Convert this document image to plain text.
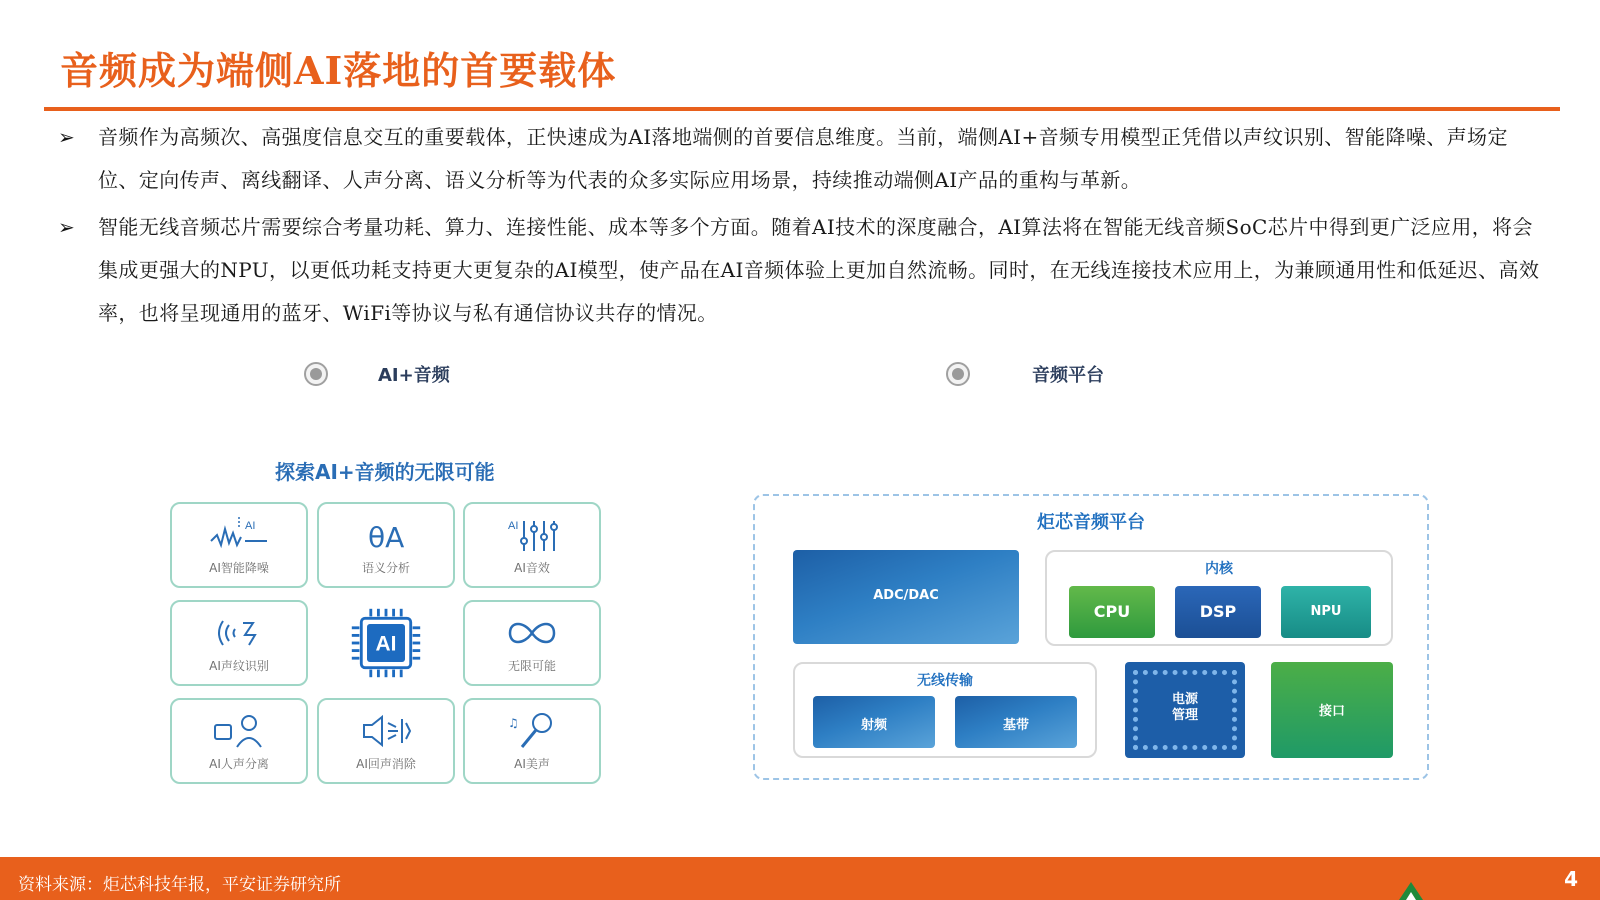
音频成为端侧AI落地的首要载体
➢	音频作为高频次、高强度信息交互的重要载体，正快速成为AI落地端侧的首要信息维度。当前，端侧AI+音频专用模型正凭借以声纹识别、智能降噪、声场定位、定向传声、离线翻译、人声分离、语义分析等为代表的众多实际应用场景，持续推动端侧AI产品的重构与革新。
➢	智能无线音频芯片需要综合考量功耗、算力、连接性能、成本等多个方面。随着AI技术的深度融合，AI算法将在智能无线音频SoC芯片中得到更广泛应用，将会集成更强大的NPU，以更低功耗支持更大更复杂的AI模型，使产品在AI音频体验上更加自然流畅。同时，在无线连接技术应用上，为兼顾通用性和低延迟、高效率，也将呈现通用的蓝牙、WiFi等协议与私有通信协议共存的情况。
AI+音频	音频平台
探索AI+音频的无限可能
AI
AI智能降噪
θA
语义分析
AI
AI音效
AI声纹识别
AI
无限可能
AI人声分离	AI回声消除
♫
AI美声
炬芯音频平台
ADC/DAC
内核
CPU	DSP	NPU
无线传输
射频	基带
电源
管理	接口
资料来源：炬芯科技年报，平安证券研究所	4
